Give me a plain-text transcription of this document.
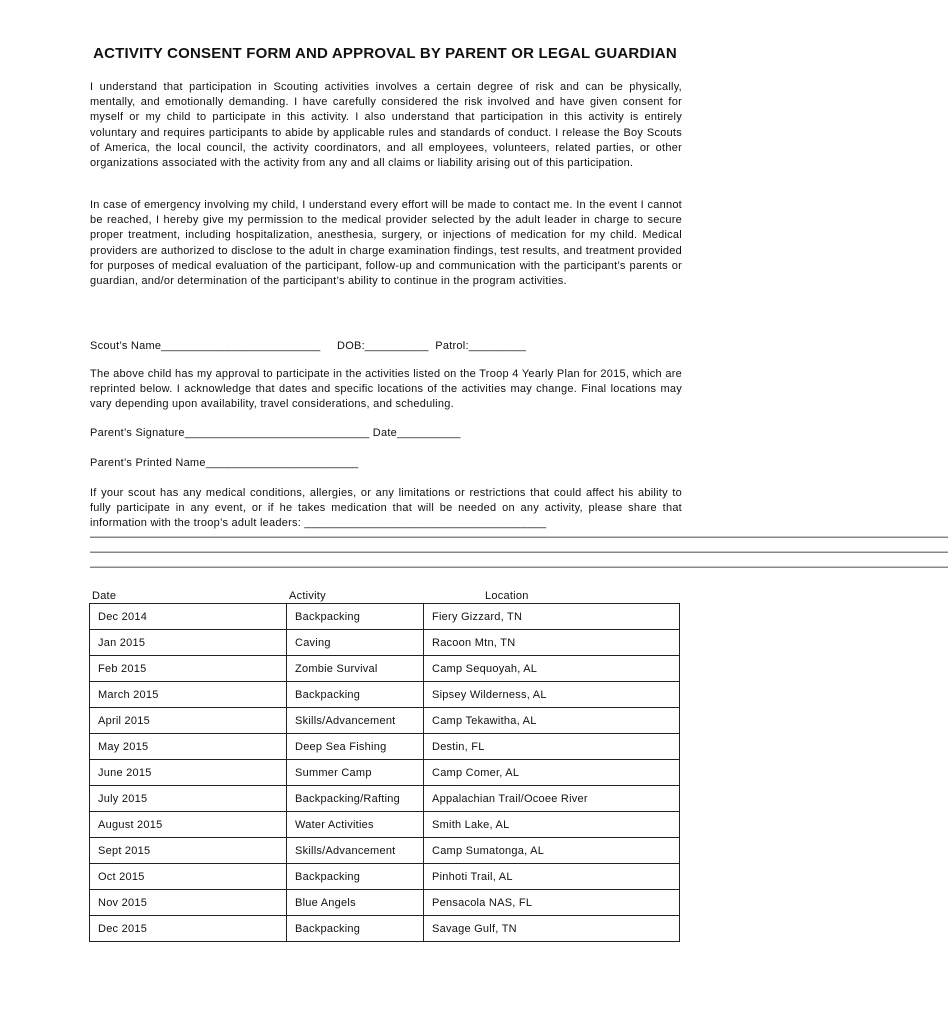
ACTIVITY CONSENT FORM AND APPROVAL BY PARENT OR LEGAL GUARDIAN

I understand that participation in Scouting activities involves a certain degree of risk and can be physically, mentally, and emotionally demanding. I have carefully considered the risk involved and have given consent for myself or my child to participate in this activity. I also understand that participation in this activity is entirely voluntary and requires participants to abide by applicable rules and standards of conduct. I release the Boy Scouts of America, the local council, the activity coordinators, and all employees, volunteers, related parties, or other organizations associated with the activity from any and all claims or liability arising out of this participation.

In case of emergency involving my child, I understand every effort will be made to contact me. In the event I cannot be reached, I hereby give my permission to the medical provider selected by the adult leader in charge to secure proper treatment, including hospitalization, anesthesia, surgery, or injections of medication for my child. Medical providers are authorized to disclose to the adult in charge examination findings, test results, and treatment provided for purposes of medical evaluation of the participant, follow-up and communication with the participant’s parents or guardian, and/or determination of the participant’s ability to continue in the program activities.

Scout’s Name_________________________ DOB:__________ Patrol:_________

The above child has my approval to participate in the activities listed on the Troop 4 Yearly Plan for 2015, which are reprinted below. I acknowledge that dates and specific locations of the activities may change. Final locations may vary depending upon availability, travel considerations, and scheduling.

Parent’s Signature_____________________________ Date__________
Parent’s Printed Name________________________

If your scout has any medical conditions, allergies, or any limitations or restrictions that could affect his ability to fully participate in any event, or if he takes medication that will be needed on any activity, please share that information with the troop’s adult leaders: ______________________________________

——————————————————————————————————————————————————————————————————————————————
——————————————————————————————————————————————————————————————————————————————
——————————————————————————————————————————————————————————————————————————————
Date	Activity	Location
Dec 2014	Backpacking	Fiery Gizzard, TN
Jan 2015	Caving	Racoon Mtn, TN
Feb 2015	Zombie Survival	Camp Sequoyah, AL
March 2015	Backpacking	Sipsey Wilderness, AL
April 2015	Skills/Advancement	Camp Tekawitha, AL
May 2015	Deep Sea Fishing	Destin, FL
June 2015	Summer Camp	Camp Comer, AL
July 2015	Backpacking/Rafting	Appalachian Trail/Ocoee River
August 2015	Water Activities	Smith Lake, AL
Sept 2015	Skills/Advancement	Camp Sumatonga, AL
Oct 2015	Backpacking	Pinhoti Trail, AL
Nov 2015	Blue Angels	Pensacola NAS, FL
Dec 2015	Backpacking	Savage Gulf, TN
